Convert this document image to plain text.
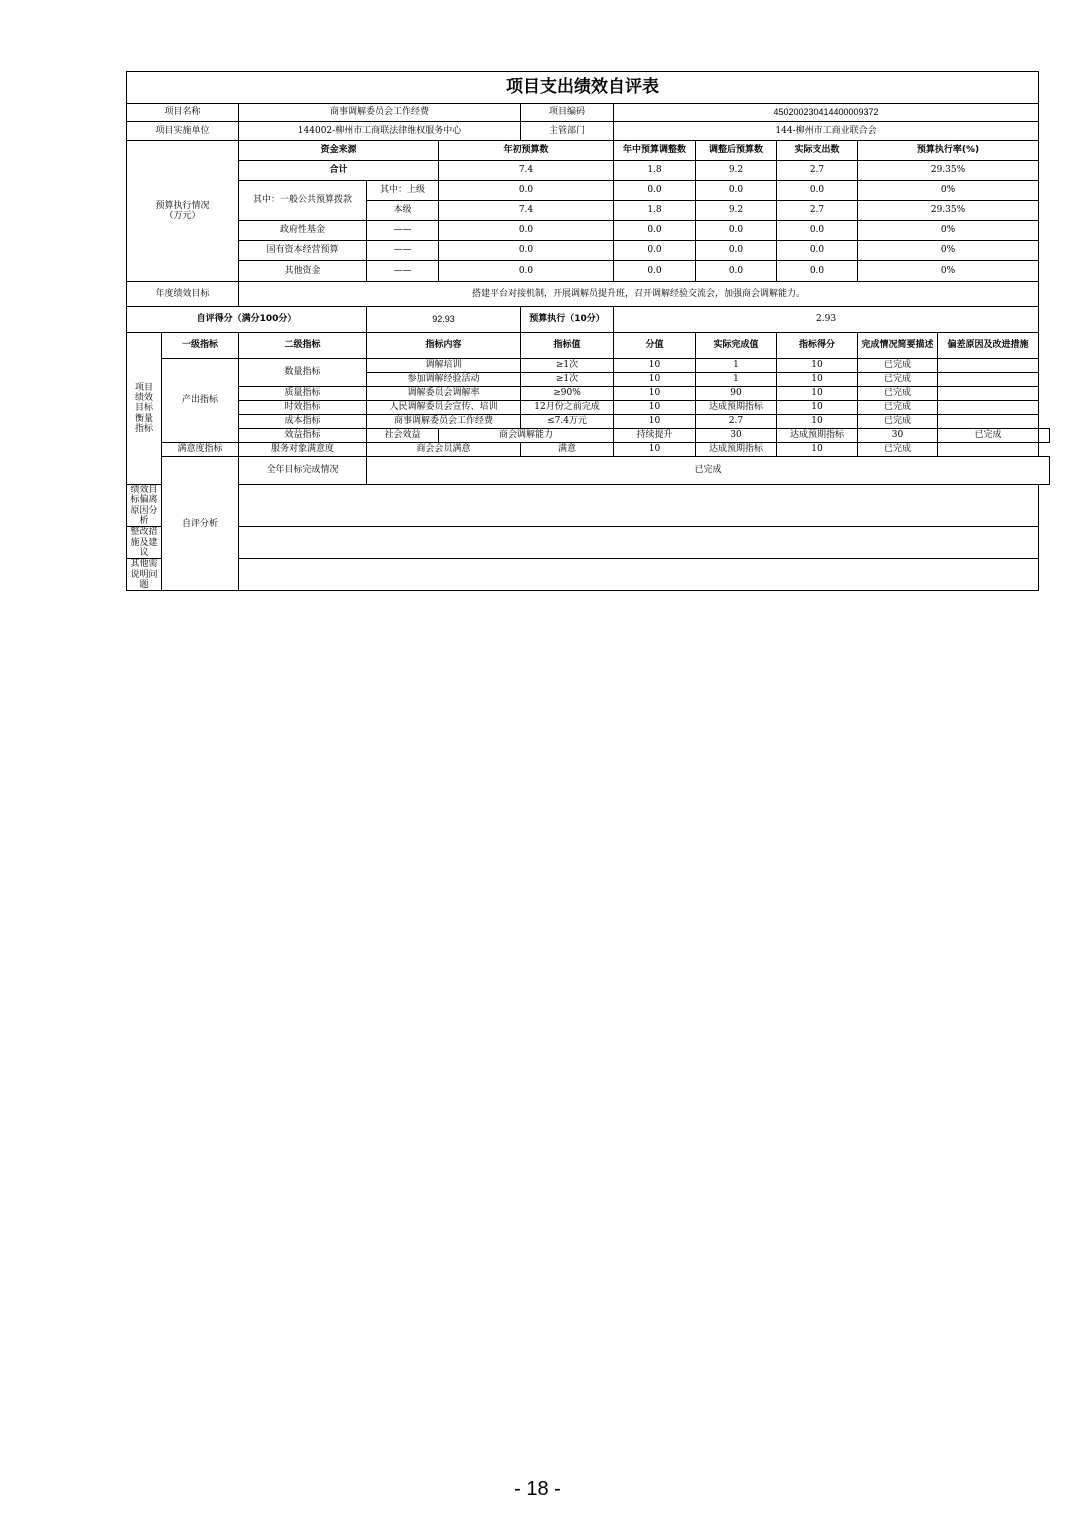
项目支出绩效自评表											
项目名称		商事调解委员会工作经费			项目编码	450200230414400009372					
项目实施单位		144002-柳州市工商联法律维权服务中心			主管部门	144-柳州市工商业联合会					
预算执行情况（万元）		资金来源		年初预算数		年中预算调整数	调整后预算数	实际支出数	预算执行率(%)		
		合计		7.4		1.8	9.2	2.7	29.35%		
		其中：一般公共预算拨款	其中：上级	0.0		0.0	0.0	0.0	0%		
			本级	7.4		1.8	9.2	2.7	29.35%		
		政府性基金	——	0.0		0.0	0.0	0.0	0%		
		国有资本经营预算	——	0.0		0.0	0.0	0.0	0%		
		其他资金	——	0.0		0.0	0.0	0.0	0%		
年度绩效目标		搭建平台对接机制，开展调解员提升班，召开调解经验交流会，加强商会调解能力。									
自评得分（满分100分）			92.93		预算执行（10分）	2.93					
项目绩效目标衡量指标	一级指标	二级指标	指标内容		指标值	分值	实际完成值	指标得分	完成情况简要描述	偏差原因及改进措施	
	产出指标	数量指标	调解培训		≥1次	10	1	10	已完成		
			参加调解经验活动		≥1次	10	1	10	已完成		
		质量指标	调解委员会调解率		≥90%	10	90	10	已完成		
		时效指标	人民调解委员会宣传、培训		12月份之前完成	10	达成预期指标	10	已完成		
		成本指标	商事调解委员会工作经费		≤7.4万元	10	2.7	10	已完成		
		效益指标	社会效益	商会调解能力		持续提升	30	达成预期指标	30	已完成	
	满意度指标	服务对象满意度	商会会员满意		满意	10	达成预期指标	10	已完成		
	自评分析	全年目标完成情况	已完成								
绩效目标偏离原因分析											
整改措施及建议											
其他需说明问题											
- 18 -
